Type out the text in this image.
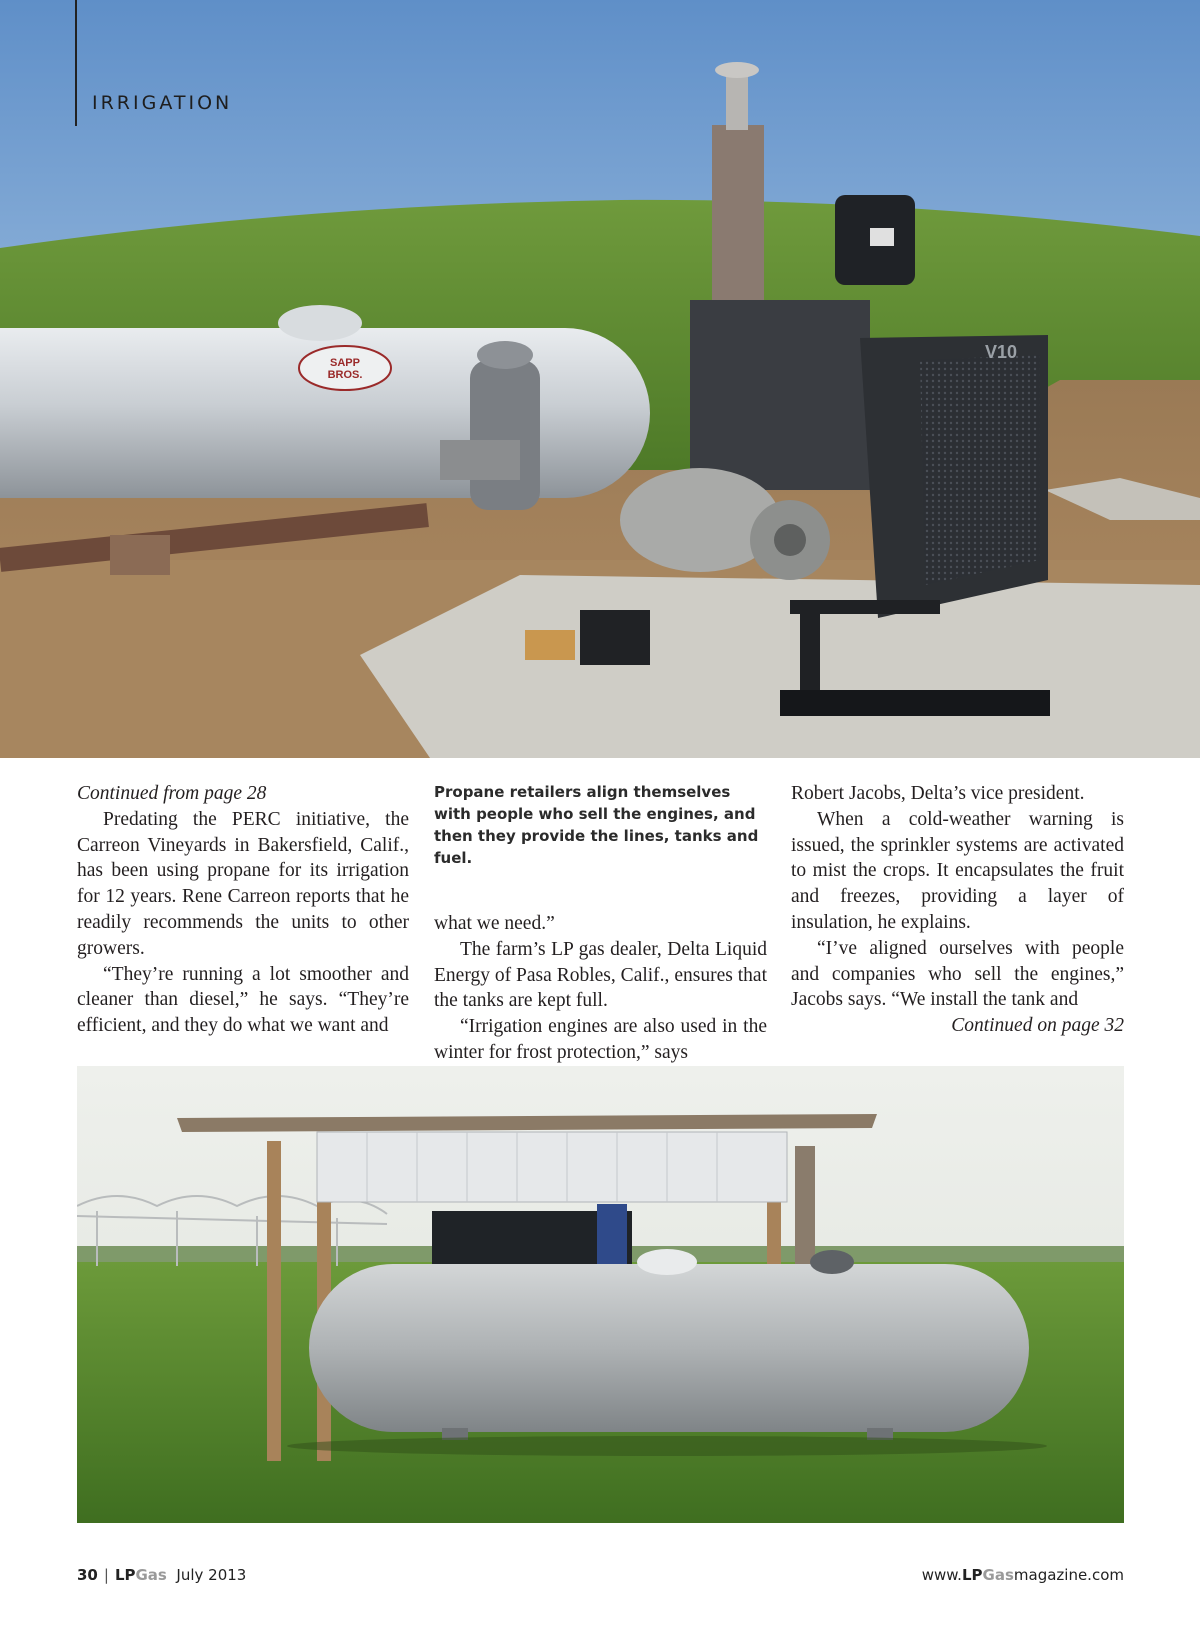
SAPP
BROS.
V10
IRRIGATION

Continued from page 28

Predating the PERC initiative, the Carreon Vineyards in Bakersfield, Calif., has been using propane for its irrigation for 12 years. Rene Carreon reports that he readily recommends the units to other growers.

“They’re running a lot smoother and cleaner than diesel,” he says. “They’re efficient, and they do what we want and

Propane retailers align themselves with people who sell the engines, and then they provide the lines, tanks and fuel.

what we need.”

The farm’s LP gas dealer, Delta Liquid Energy of Pasa Robles, Calif., ensures that the tanks are kept full.

“Irrigation engines are also used in the winter for frost protection,” says

Robert Jacobs, Delta’s vice president.

When a cold-weather warning is issued, the sprinkler systems are activated to mist the crops. It encapsulates the fruit and freezes, providing a layer of insulation, he explains.

“I’ve aligned ourselves with people and companies who sell the engines,” Jacobs says. “We install the tank and

Continued on page 32

30 | LPGas July 2013	www.LPGasmagazine.com
